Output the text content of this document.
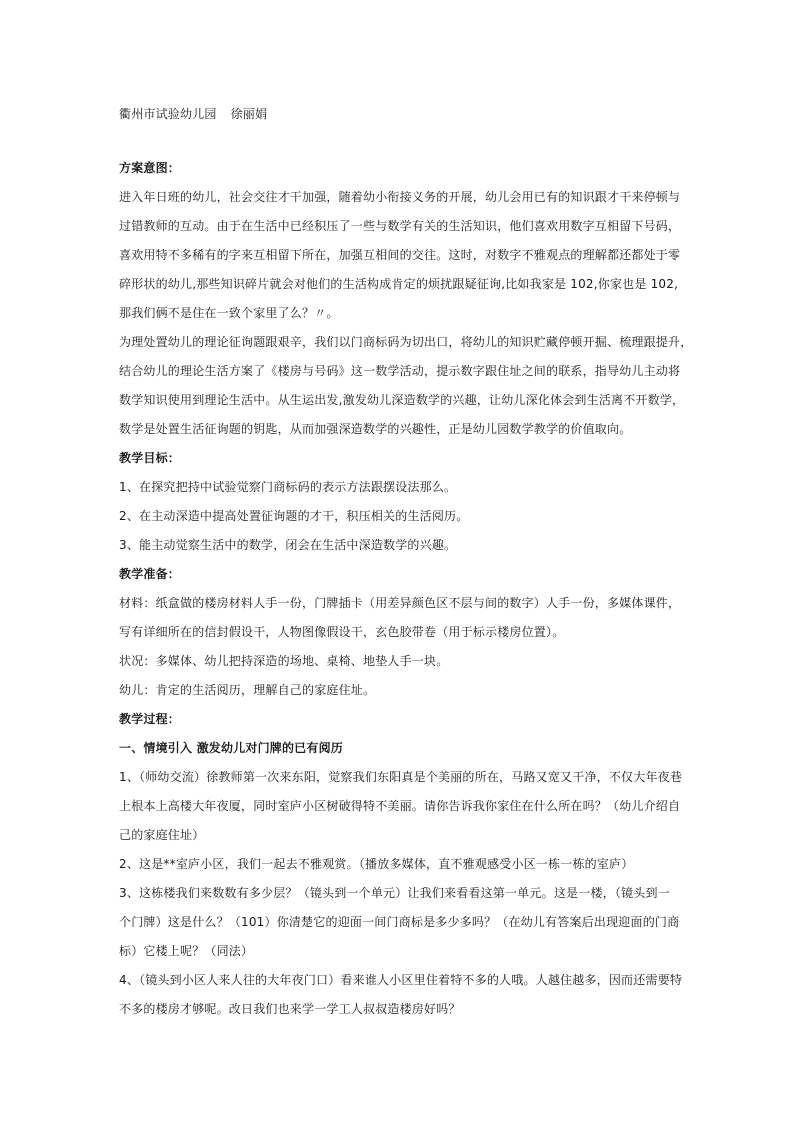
衢州市试验幼儿园 徐丽娟
方案意图：
进入年日班的幼儿，社会交往才干加强，随着幼小衔接义务的开展，幼儿会用已有的知识跟才干来停顿与
过错教师的互动。由于在生活中已经积压了一些与数学有关的生活知识，他们喜欢用数字互相留下号码，
喜欢用特不多稀有的字来互相留下所在，加强互相间的交往。这时，对数字不雅观点的理解都还都处于零
碎形状的幼儿,那些知识碎片就会对他们的生活构成肯定的烦扰跟疑征询,比如我家是 102,你家也是 102,
那我们俩不是住在一致个家里了么？〃。
为理处置幼儿的理论征询题跟艰辛，我们以门商标码为切出口，将幼儿的知识贮藏停顿开掘、梳理跟提升，
结合幼儿的理论生活方案了《楼房与号码》这一数学活动，提示数字跟住址之间的联系，指导幼儿主动将
数学知识使用到理论生活中。从生运出发,激发幼儿深造数学的兴趣，让幼儿深化体会到生活离不开数学，
数学是处置生活征询题的钥匙，从而加强深造数学的兴趣性，正是幼儿园数学教学的价值取向。
教学目标：
1、在探究把持中试验觉察门商标码的表示方法跟摆设法那么。
2、在主动深造中提高处置征询题的才干，积压相关的生活阅历。
3、能主动觉察生活中的数学，闭会在生活中深造数学的兴趣。
教学准备：
材料：纸盒做的楼房材料人手一份，门牌插卡（用差异颜色区不层与间的数字）人手一份，多媒体课件，
写有详细所在的信封假设干，人物图像假设干，玄色胶带卷（用于标示楼房位置）。
状况：多媒体、幼儿把持深造的场地、桌椅、地垫人手一块。
幼儿：肯定的生活阅历，理解自己的家庭住址。
教学过程：
一、情境引入 激发幼儿对门牌的已有阅历
1、（师幼交流）徐教师第一次来东阳，觉察我们东阳真是个美丽的所在，马路又宽又干净，不仅大年夜巷
上根本上高楼大年夜厦，同时室庐小区树破得特不美丽。请你告诉我你家住在什么所在吗？（幼儿介绍自
己的家庭住址）
2、这是**室庐小区，我们一起去不雅观赏。（播放多媒体，直不雅观感受小区一栋一栋的室庐）
3、这栋楼我们来数数有多少层？（镜头到一个单元）让我们来看看这第一单元。这是一楼，（镜头到一
个门牌）这是什么？（101）你清楚它的迎面一间门商标是多少多吗？（在幼儿有答案后出现迎面的门商
标）它楼上呢？（同法）
4、（镜头到小区人来人往的大年夜门口）看来谁人小区里住着特不多的人哦。人越住越多，因而还需要特
不多的楼房才够呢。改日我们也来学一学工人叔叔造楼房好吗？
